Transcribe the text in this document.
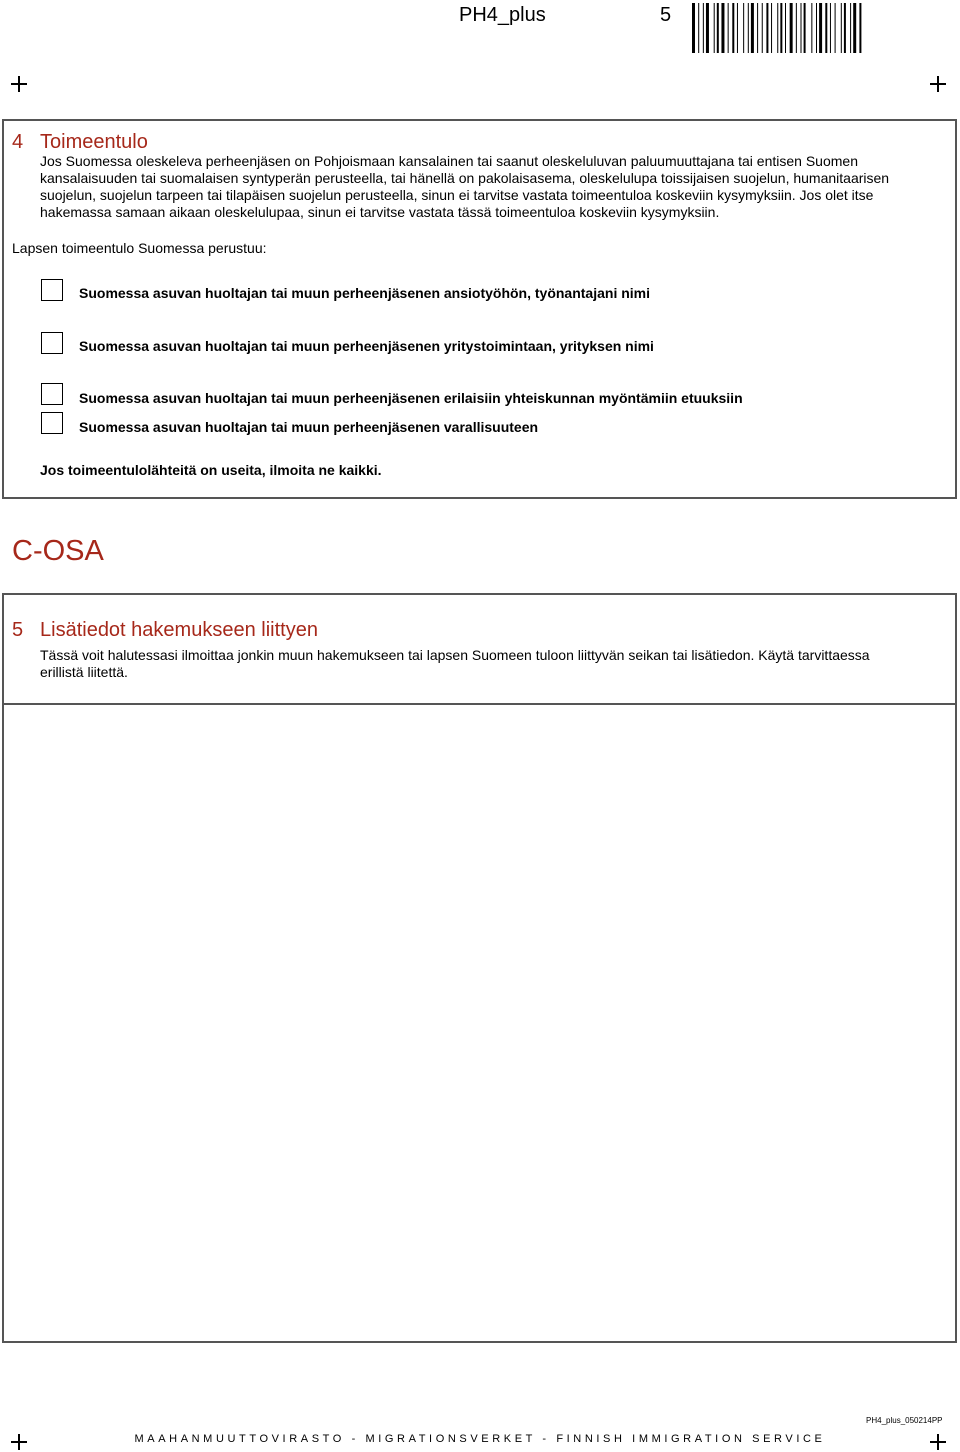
PH4_plus	5
4 Toimeentulo
Jos Suomessa oleskeleva perheenjäsen on Pohjoismaan kansalainen tai saanut oleskeluluvan paluumuuttajana tai entisen Suomen
kansalaisuuden tai suomalaisen syntyperän perusteella, tai hänellä on pakolaisasema, oleskelulupa toissijaisen suojelun, humanitaarisen
suojelun, suojelun tarpeen tai tilapäisen suojelun perusteella, sinun ei tarvitse vastata toimeentuloa koskeviin kysymyksiin. Jos olet itse
hakemassa samaan aikaan oleskelulupaa, sinun ei tarvitse vastata tässä toimeentuloa koskeviin kysymyksiin.
Lapsen toimeentulo Suomessa perustuu:
Suomessa asuvan huoltajan tai muun perheenjäsenen ansiotyöhön, työnantajani nimi
Suomessa asuvan huoltajan tai muun perheenjäsenen yritystoimintaan, yrityksen nimi
Suomessa asuvan huoltajan tai muun perheenjäsenen erilaisiin yhteiskunnan myöntämiin etuuksiin
Suomessa asuvan huoltajan tai muun perheenjäsenen varallisuuteen
Jos toimeentulolähteitä on useita, ilmoita ne kaikki.
C-OSA
5 Lisätiedot hakemukseen liittyen
Tässä voit halutessasi ilmoittaa jonkin muun hakemukseen tai lapsen Suomeen tuloon liittyvän seikan tai lisätiedon. Käytä tarvittaessa
erillistä liitettä.
PH4_plus_050214PP
MAAHANMUUTTOVIRASTO - MIGRATIONSVERKET - FINNISH IMMIGRATION SERVICE
